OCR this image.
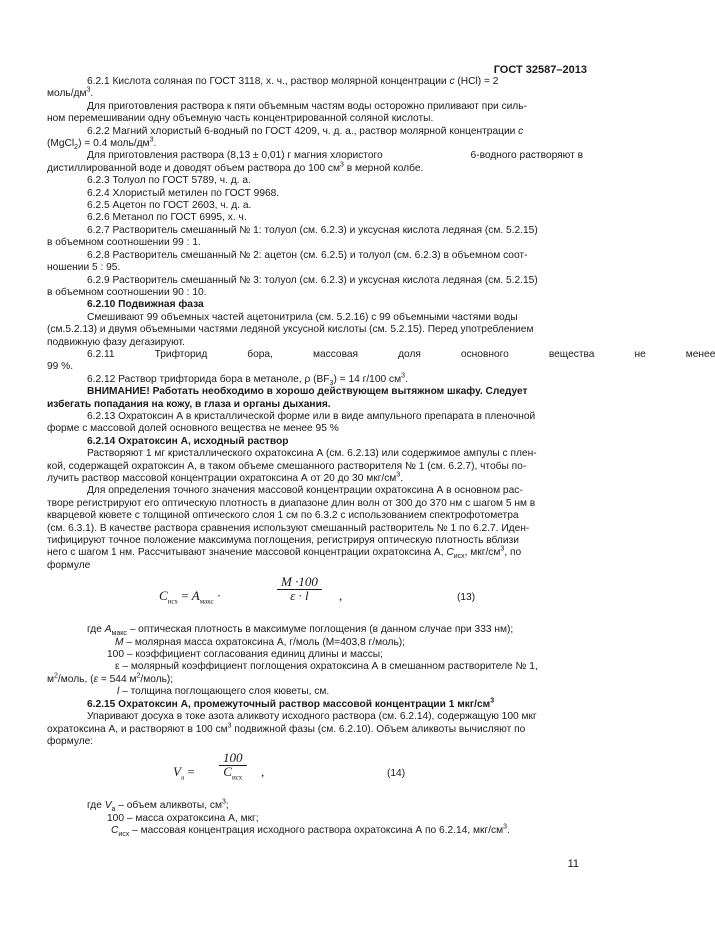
ГОСТ 32587–2013

6.2.1 Кислота соляная по ГОСТ 3118, х. ч., раствор молярной концентрации c (HCl) = 2

моль/$дм^3$.

Для приготовления раствора к пяти объемным частям воды осторожно приливают при силь-

ном перемешивании одну объемную часть концентрированной соляной кислоты.

6.2.2 Магний хлористый 6-водный по ГОСТ 4209, ч. д. а., раствор молярной концентрации c

(MgCl$_2$) = 0.4 моль/$дм^3$.

Для приготовления раствора (8,13 ± 0,01) г магния хлористого	6-водного растворяют в

дистиллированной воде и доводят объем раствора до 100 $см^3$ в мерной колбе.

6.2.3 Толуол по ГОСТ 5789, ч. д. а.

6.2.4 Хлористый метилен по ГОСТ 9968.

6.2.5 Ацетон по ГОСТ 2603, ч. д. а.

6.2.6 Метанол по ГОСТ 6995, х. ч.

6.2.7 Растворитель смешанный № 1: толуол (см. 6.2.3) и уксусная кислота ледяная (см. 5.2.15)

в объемном соотношении 99 : 1.

6.2.8 Растворитель смешанный № 2: ацетон (см. 6.2.5) и толуол (см. 6.2.3) в объемном соот-

ношении 5 : 95.

6.2.9 Растворитель смешанный № 3: толуол (см. 6.2.3) и уксусная кислота ледяная (см. 5.2.15)

в объемном соотношении 90 : 10.

6.2.10 Подвижная фаза

Смешивают 99 объемных частей ацетонитрила (см. 5.2.16) с 99 объемными частями воды

(см.5.2.13) и двумя объемными частями ледяной уксусной кислоты (см. 5.2.15). Перед употреблением

подвижную фазу дегазируют.

6.2.11	Трифторид	бора,	массовая	доля	основного	вещества	не	менее

99 %.

6.2.12 Раствор трифторида бора в метаноле, ρ $(BF_3) = 14$ г/100 $см^3$.

ВНИМАНИЕ! Работать необходимо в хорошо действующем вытяжном шкафу. Следует

избегать попадания на кожу, в глаза и органы дыхания.

6.2.13 Охратоксин А в кристаллической форме или в виде ампульного препарата в пленочной

форме с массовой долей основного вещества не менее 95 %

6.2.14 Охратоксин А, исходный раствор

Растворяют 1 мг кристаллического охратоксина А (см. 6.2.13) или содержимое ампулы с плен-

кой, содержащей охратоксин А, в таком объеме смешанного растворителя № 1 (см. 6.2.7), чтобы по-

лучить раствор массовой концентрации охратоксина А от 20 до 30 мкг/$см^3$.

Для определения точного значения массовой концентрации охратоксина А в основном рас-

творе регистрируют его оптическую плотность в диапазоне длин волн от 300 до 370 нм с шагом 5 нм в

кварцевой кювете с толщиной оптического слоя 1 см по 6.3.2 с использованием спектрофотометра

(см. 6.3.1). В качестве раствора сравнения используют смешанный растворитель № 1 по 6.2.7. Иден-

тифицируют точное положение максимума поглощения, регистрируя оптическую плотность вблизи

него с шагом 1 нм. Рассчитывают значение массовой концентрации охратоксина А, $C_{исх}$, мкг/$см^3$, по

формуле

$C_{исх} = A_{макс}$ ·
M ·100
ε · l	,	(13)

где $A_{макс}$ – оптическая плотность в максимуме поглощения (в данном случае при 333 нм);

M – молярная масса охратоксина А, г/моль (M=403,8 г/моль);

100 – коэффициент согласования единиц длины и массы;

ε – молярный коэффициент поглощения охратоксина А в смешанном растворителе № 1,

$м^2$/моль, (ε = 544 $м^2/моль$);

l – толщина поглощающего слоя кюветы, см.

6.2.15 Охратоксин А, промежуточный раствор массовой концентрации 1 мкг/$см^3$

Упаривают досуха в токе азота аликвоту исходного раствора (см. 6.2.14), содержащую 100 мкг

охратоксина А, и растворяют в 100 $см^3$ подвижной фазы (см. 6.2.10). Объем аликвоты вычисляют по

формуле:

$V_a$ =
100
$C_{исх}$	,	(14)

где $V_a$ – объем аликвоты, $см^3$;

100 – масса охратоксина А, мкг;

$C_{исх}$ – массовая концентрация исходного раствора охратоксина А по 6.2.14, мкг/$см^3$.

11
